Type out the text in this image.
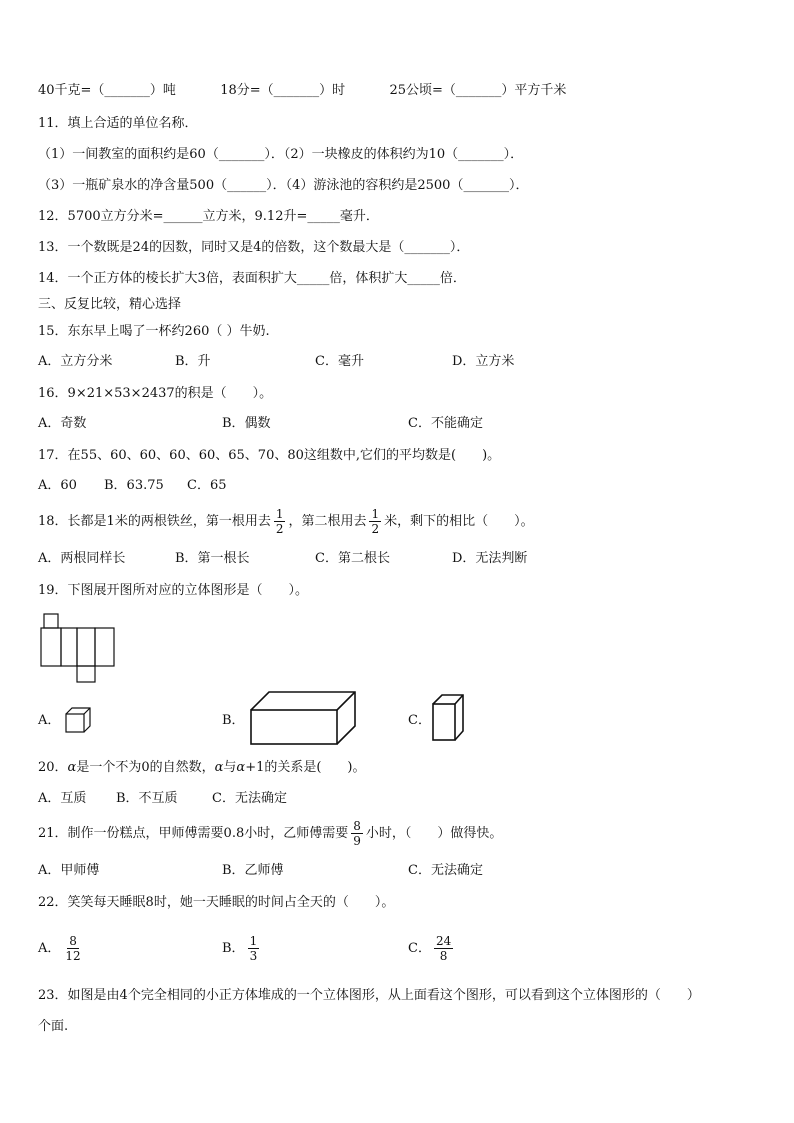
40千克=（_______）吨	18分=（_______）时	25公顷=（_______）平方千米
11．填上合适的单位名称．
（1）一间教室的面积约是60（_______）．（2）一块橡皮的体积约为10（_______）．
（3）一瓶矿泉水的净含量500（______）．（4）游泳池的容积约是2500（_______）．
12．5700立方分米=______立方米，9.12升=_____毫升．
13．一个数既是24的因数，同时又是4的倍数，这个数最大是（_______）．
14．一个正方体的棱长扩大3倍，表面积扩大_____倍，体积扩大_____倍．
三、反复比较，精心选择
15．东东早上喝了一杯约260（ ）牛奶.
A．立方分米	B．升	C．毫升	D．立方米
16．9×21×53×2437的积是（　　）。
A．奇数	B．偶数	C．不能确定
17．在55、60、60、60、60、65、70、80这组数中,它们的平均数是(　　)。
A．60 B．63.75 C．65
18．长都是1米的两根铁丝，第一根用去 $\frac{1}{2}$ ，第二根用去 $\frac{1}{2}$ 米，剩下的相比（　　）。
A．两根同样长	B．第一根长	C．第二根长	D．无法判断
19．下图展开图所对应的立体图形是（　　）。
A．	B．	C．
20．α是一个不为0的自然数，α与α+1的关系是(　　)。
A．互质 B．不互质	C．无法确定
21．制作一份糕点，甲师傅需要0.8小时，乙师傅需要 $\frac{8}{9}$ 小时，（　　）做得快。
A．甲师傅	B．乙师傅	C．无法确定
22．笑笑每天睡眠8时，她一天睡眠的时间占全天的（　　）。
A． $\frac{8}{12}$	B． $\frac{1}{3}$	C． $\frac{24}{8}$
23．如图是由4个完全相同的小正方体堆成的一个立体图形，从上面看这个图形，可以看到这个立体图形的（　　）
个面.
